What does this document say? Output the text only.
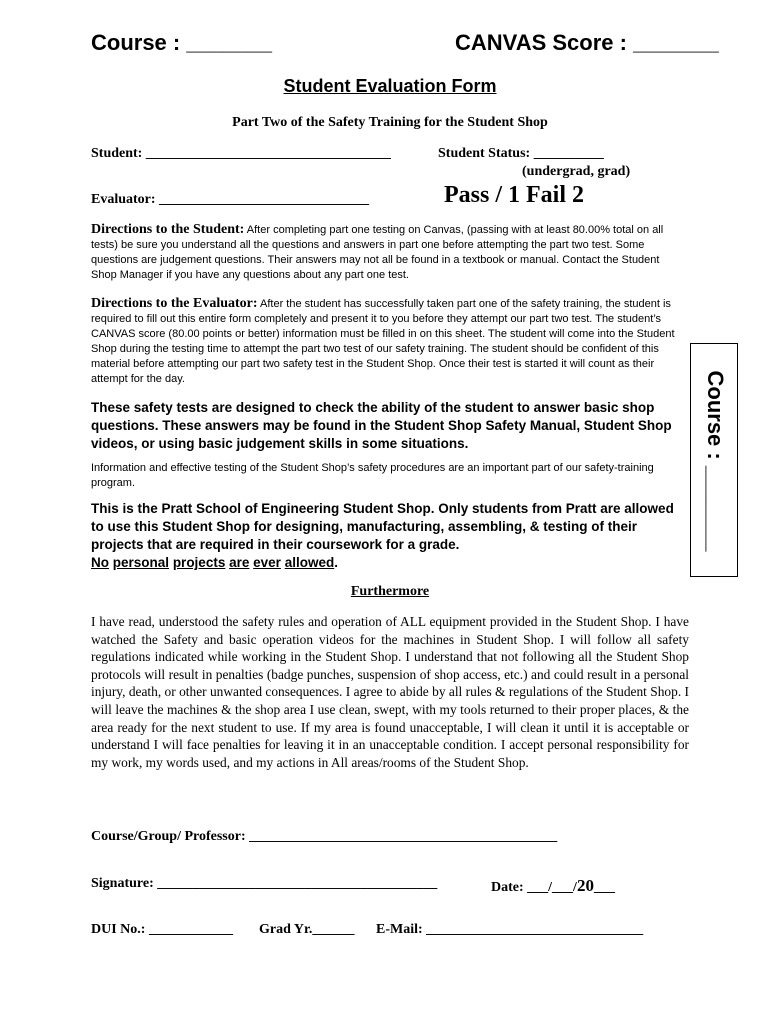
Course : _______	CANVAS Score : _______
Student Evaluation Form
Part Two of the Safety Training for the Student Shop
Student: ___________________________________	Student Status: __________
(undergrad, grad)
Evaluator: ______________________________	Pass / 1 Fail 2
Directions to the Student: After completing part one testing on Canvas, (passing with at least 80.00% total on all tests) be sure you understand all the questions and answers in part one before attempting the part two test. Some questions are judgement questions. Their answers may not all be found in a textbook or manual. Contact the Student Shop Manager if you have any questions about any part one test.
Directions to the Evaluator: After the student has successfully taken part one of the safety training, the student is required to fill out this entire form completely and present it to you before they attempt our part two test. The student’s CANVAS score (80.00 points or better) information must be filled in on this sheet. The student will come into the Student Shop during the testing time to attempt the part two test of our safety training. The student should be confident of this material before attempting our part two safety test in the Student Shop. Once their test is started it will count as their attempt for the day.
These safety tests are designed to check the ability of the student to answer basic shop questions. These answers may be found in the Student Shop Safety Manual, Student Shop videos, or using basic judgement skills in some situations.
Information and effective testing of the Student Shop’s safety procedures are an important part of our safety-training program.
This is the Pratt School of Engineering Student Shop. Only students from Pratt are allowed to use this Student Shop for designing, manufacturing, assembling, & testing of their projects that are required in their coursework for a grade.
No personal projects are ever allowed.
Course : _______
Furthermore
I have read, understood the safety rules and operation of ALL equipment provided in the Student Shop. I have watched the Safety and basic operation videos for the machines in Student Shop. I will follow all safety regulations indicated while working in the Student Shop. I understand that not following all the Student Shop protocols will result in penalties (badge punches, suspension of shop access, etc.) and could result in a personal injury, death, or other unwanted consequences. I agree to abide by all rules & regulations of the Student Shop. I will leave the machines & the shop area I use clean, swept, with my tools returned to their proper places, & the area ready for the next student to use. If my area is found unacceptable, I will clean it until it is acceptable or understand I will face penalties for leaving it in an unacceptable condition. I accept personal responsibility for my work, my words used, and my actions in All areas/rooms of the Student Shop.
Course/Group/ Professor: ____________________________________________
Signature: ________________________________________	Date: ___/___/20___
DUI No.: ____________ Grad Yr.______ E-Mail: _______________________________
